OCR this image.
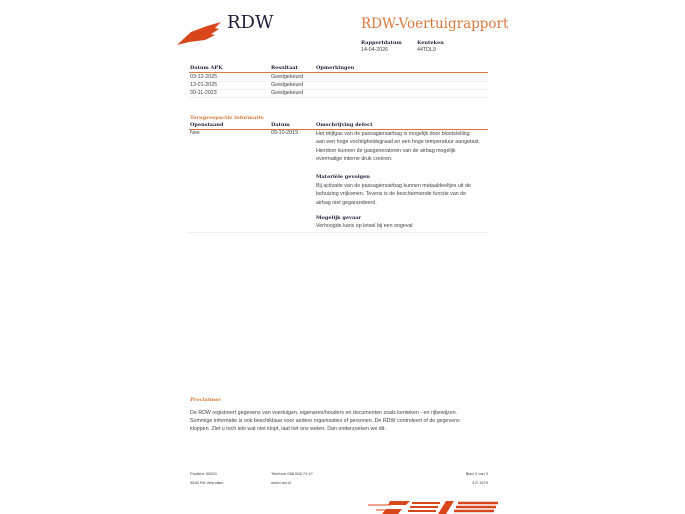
RDW	RDW-Voertuigrapport
Rapportdatum
14-04-2026
Kenteken
44TDL9
Datum APK	Resultaat	Opmerkingen
03-12-2025	Goedgekeurd
13-01-2025	Goedgekeurd
30-11-2023	Goedgekeurd
Terugroepactie informatie
Openstaand	Datum	Omschrijving defect
Nee	09-10-2019	Het drijfgas van de passagiersairbag is mogelijk door blootstelling
aan een hoge vochtigheidsgraad en een hoge temperatuur aangetast.
Hierdoor kunnen de gasgeneratoren van de airbag mogelijk
overmatige interne druk creëren.
Materiële gevolgen
Bij activatie van de passagiersairbag kunnen metaaldeeltjes uit de
behuizing vrijkomen. Tevens is de beschermende functie van de
airbag niet gegarandeerd.
Mogelijk gevaar
Verhoogde kans op letsel bij een ongeval
Proclaimer
De RDW registreert gegevens van voertuigen, eigenaren/houders en documenten zoals kenteken - en rijbewijzen.
Sommige informatie is ook beschikbaar voor andere organisaties of personen. De RDW controleert of de gegevens
kloppen. Ziet u toch iets wat niet klopt, laat het ons weten. Dan onderzoeken we dit.
Postbus 30000
9640 RA Veendam
Telefoon 088 008 74 47
www.rdw.nl
Blad 3 van 3
3 E 1679
